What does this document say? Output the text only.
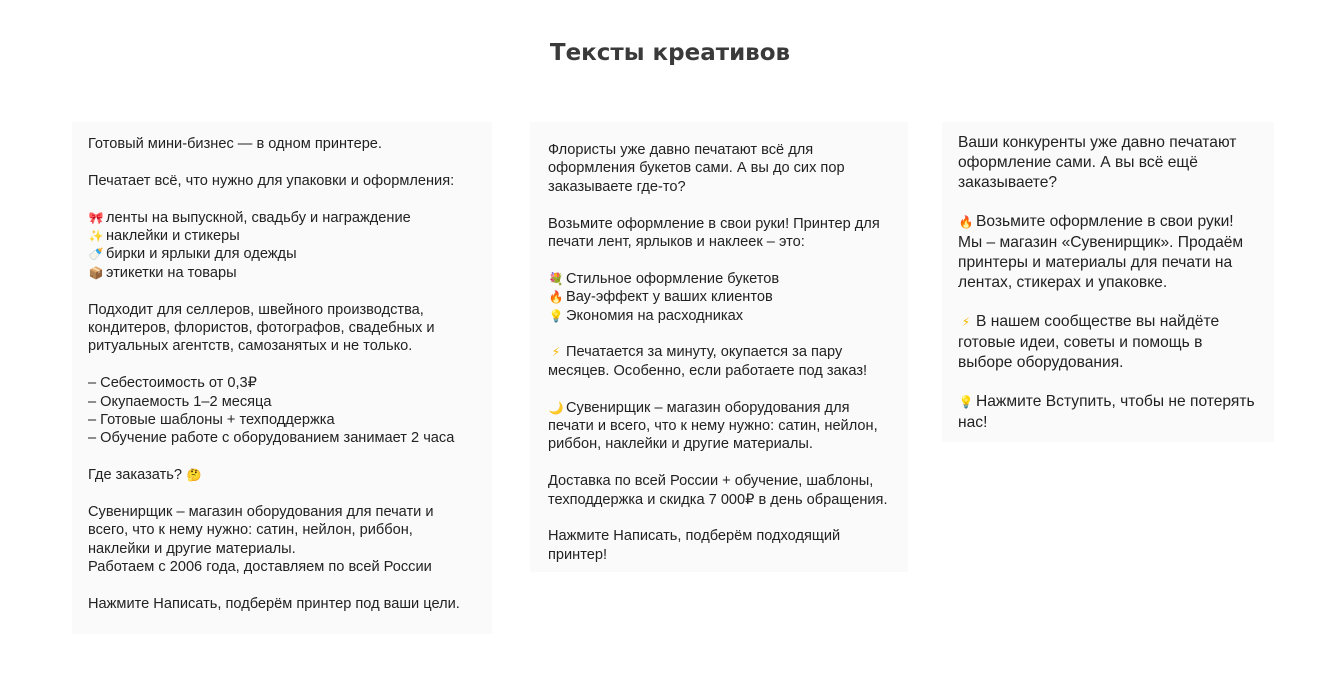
Тексты креативов
Готовый мини-бизнес — в одном принтере.
Печатает всё, что нужно для упаковки и оформления:
🎀 ленты на выпускной, свадьбу и награждение
✨ наклейки и стикеры
🍼 бирки и ярлыки для одежды
📦 этикетки на товары
Подходит для селлеров, швейного производства,
кондитеров, флористов, фотографов, свадебных и
ритуальных агентств, самозанятых и не только.
– Себестоимость от 0,3₽
– Окупаемость 1–2 месяца
– Готовые шаблоны + техподдержка
– Обучение работе с оборудованием занимает 2 часа
Где заказать? 🤔
Сувенирщик – магазин оборудования для печати и
всего, что к нему нужно: сатин, нейлон, риббон,
наклейки и другие материалы.
Работаем с 2006 года, доставляем по всей России
Нажмите Написать, подберём принтер под ваши цели.
Флористы уже давно печатают всё для
оформления букетов сами. А вы до сих пор
заказываете где-то?
Возьмите оформление в свои руки! Принтер для
печати лент, ярлыков и наклеек – это:
💐 Стильное оформление букетов
🔥 Вау-эффект у ваших клиентов
💡 Экономия на расходниках
⚡ Печатается за минуту, окупается за пару
месяцев. Особенно, если работаете под заказ!
🌙 Сувенирщик – магазин оборудования для
печати и всего, что к нему нужно: сатин, нейлон,
риббон, наклейки и другие материалы.
Доставка по всей России + обучение, шаблоны,
техподдержка и скидка 7 000₽ в день обращения.
Нажмите Написать, подберём подходящий
принтер!
Ваши конкуренты уже давно печатают
оформление сами. А вы всё ещё
заказываете?
🔥 Возьмите оформление в свои руки!
Мы – магазин «Сувенирщик». Продаём
принтеры и материалы для печати на
лентах, стикерах и упаковке.
⚡ В нашем сообществе вы найдёте
готовые идеи, советы и помощь в
выборе оборудования.
💡 Нажмите Вступить, чтобы не потерять
нас!
